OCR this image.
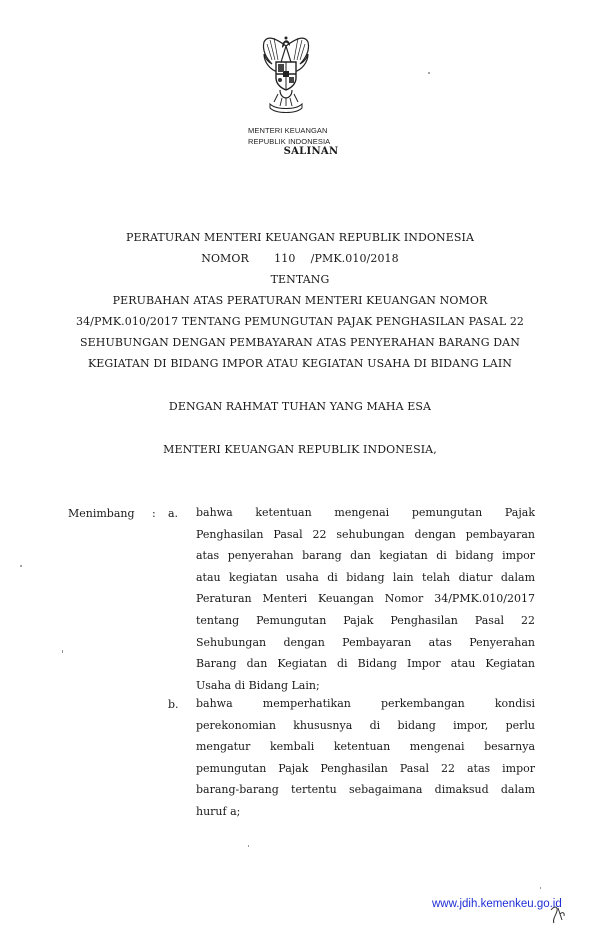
MENTERI KEUANGAN
REPUBLIK INDONESIA
SALINAN
PERATURAN MENTERI KEUANGAN REPUBLIK INDONESIA
NOMOR 110 /PMK.010/2018
TENTANG
PERUBAHAN ATAS PERATURAN MENTERI KEUANGAN NOMOR
34/PMK.010/2017 TENTANG PEMUNGUTAN PAJAK PENGHASILAN PASAL 22
SEHUBUNGAN DENGAN PEMBAYARAN ATAS PENYERAHAN BARANG DAN
KEGIATAN DI BIDANG IMPOR ATAU KEGIATAN USAHA DI BIDANG LAIN
DENGAN RAHMAT TUHAN YANG MAHA ESA
MENTERI KEUANGAN REPUBLIK INDONESIA,
Menimbang : a. bahwa ketentuan mengenai pemungutan Pajak
Penghasilan Pasal 22 sehubungan dengan pembayaran
atas penyerahan barang dan kegiatan di bidang impor
atau kegiatan usaha di bidang lain telah diatur dalam
Peraturan Menteri Keuangan Nomor 34/PMK.010/2017
tentang Pemungutan Pajak Penghasilan Pasal 22
Sehubungan dengan Pembayaran atas Penyerahan
Barang dan Kegiatan di Bidang Impor atau Kegiatan
Usaha di Bidang Lain;
b. bahwa memperhatikan perkembangan kondisi
perekonomian khususnya di bidang impor, perlu
mengatur kembali ketentuan mengenai besarnya
pemungutan Pajak Penghasilan Pasal 22 atas impor
barang-barang tertentu sebagaimana dimaksud dalam
huruf a;
www.jdih.kemenkeu.go.id
